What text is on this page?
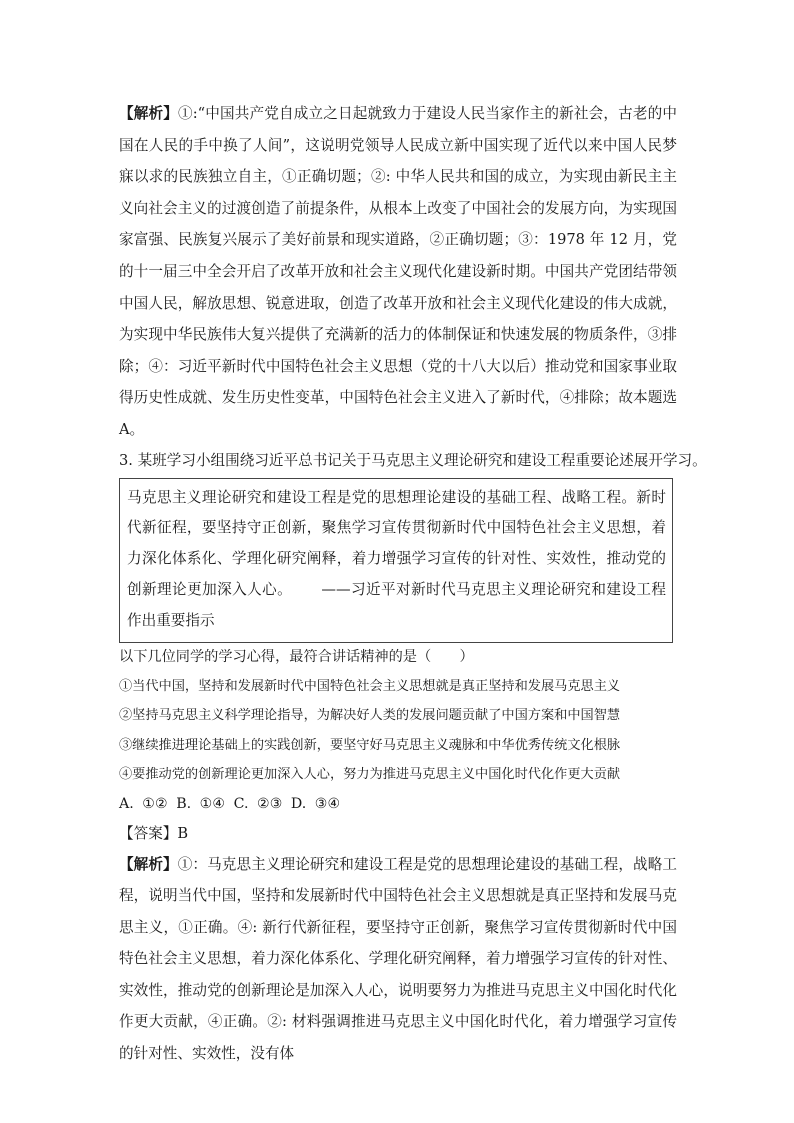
【解析】①:“中国共产党自成立之日起就致力于建设人民当家作主的新社会，古老的中国在人民的手中换了人间”，这说明党领导人民成立新中国实现了近代以来中国人民梦寐以求的民族独立自主，①正确切题；②: 中华人民共和国的成立，为实现由新民主主义向社会主义的过渡创造了前提条件，从根本上改变了中国社会的发展方向，为实现国家富强、民族复兴展示了美好前景和现实道路，②正确切题；③：1978 年 12 月，党的十一届三中全会开启了改革开放和社会主义现代化建设新时期。中国共产党团结带领中国人民，解放思想、锐意进取，创造了改革开放和社会主义现代化建设的伟大成就，为实现中华民族伟大复兴提供了充满新的活力的体制保证和快速发展的物质条件，③排除；④：习近平新时代中国特色社会主义思想（党的十八大以后）推动党和国家事业取得历史性成就、发生历史性变革，中国特色社会主义进入了新时代，④排除；故本题选 A。

3. 某班学习小组围绕习近平总书记关于马克思主义理论研究和建设工程重要论述展开学习。

马克思主义理论研究和建设工程是党的思想理论建设的基础工程、战略工程。新时代新征程，要坚持守正创新，聚焦学习宣传贯彻新时代中国特色社会主义思想，着力深化体系化、学理化研究阐释，着力增强学习宣传的针对性、实效性，推动党的创新理论更加深入人心。 ——习近平对新时代马克思主义理论研究和建设工程作出重要指示

以下几位同学的学习心得，最符合讲话精神的是（　　）

①当代中国，坚持和发展新时代中国特色社会主义思想就是真正坚持和发展马克思主义

②坚持马克思主义科学理论指导，为解决好人类的发展问题贡献了中国方案和中国智慧

③继续推进理论基础上的实践创新，要坚守好马克思主义魂脉和中华优秀传统文化根脉

④要推动党的创新理论更加深入人心，努力为推进马克思主义中国化时代化作更大贡献

A. ①② B. ①④ C. ②③ D. ③④

【答案】B

【解析】①：马克思主义理论研究和建设工程是党的思想理论建设的基础工程，战略工程，说明当代中国，坚持和发展新时代中国特色社会主义思想就是真正坚持和发展马克思主义，①正确。④: 新行代新征程，要坚持守正创新，聚焦学习宣传贯彻新时代中国特色社会主义思想，着力深化体系化、学理化研究阐释，着力增强学习宣传的针对性、实效性，推动党的创新理论是加深入人心，说明要努力为推进马克思主义中国化时代化作更大贡献，④正确。②: 材料强调推进马克思主义中国化时代化，着力增强学习宣传的针对性、实效性，没有体
